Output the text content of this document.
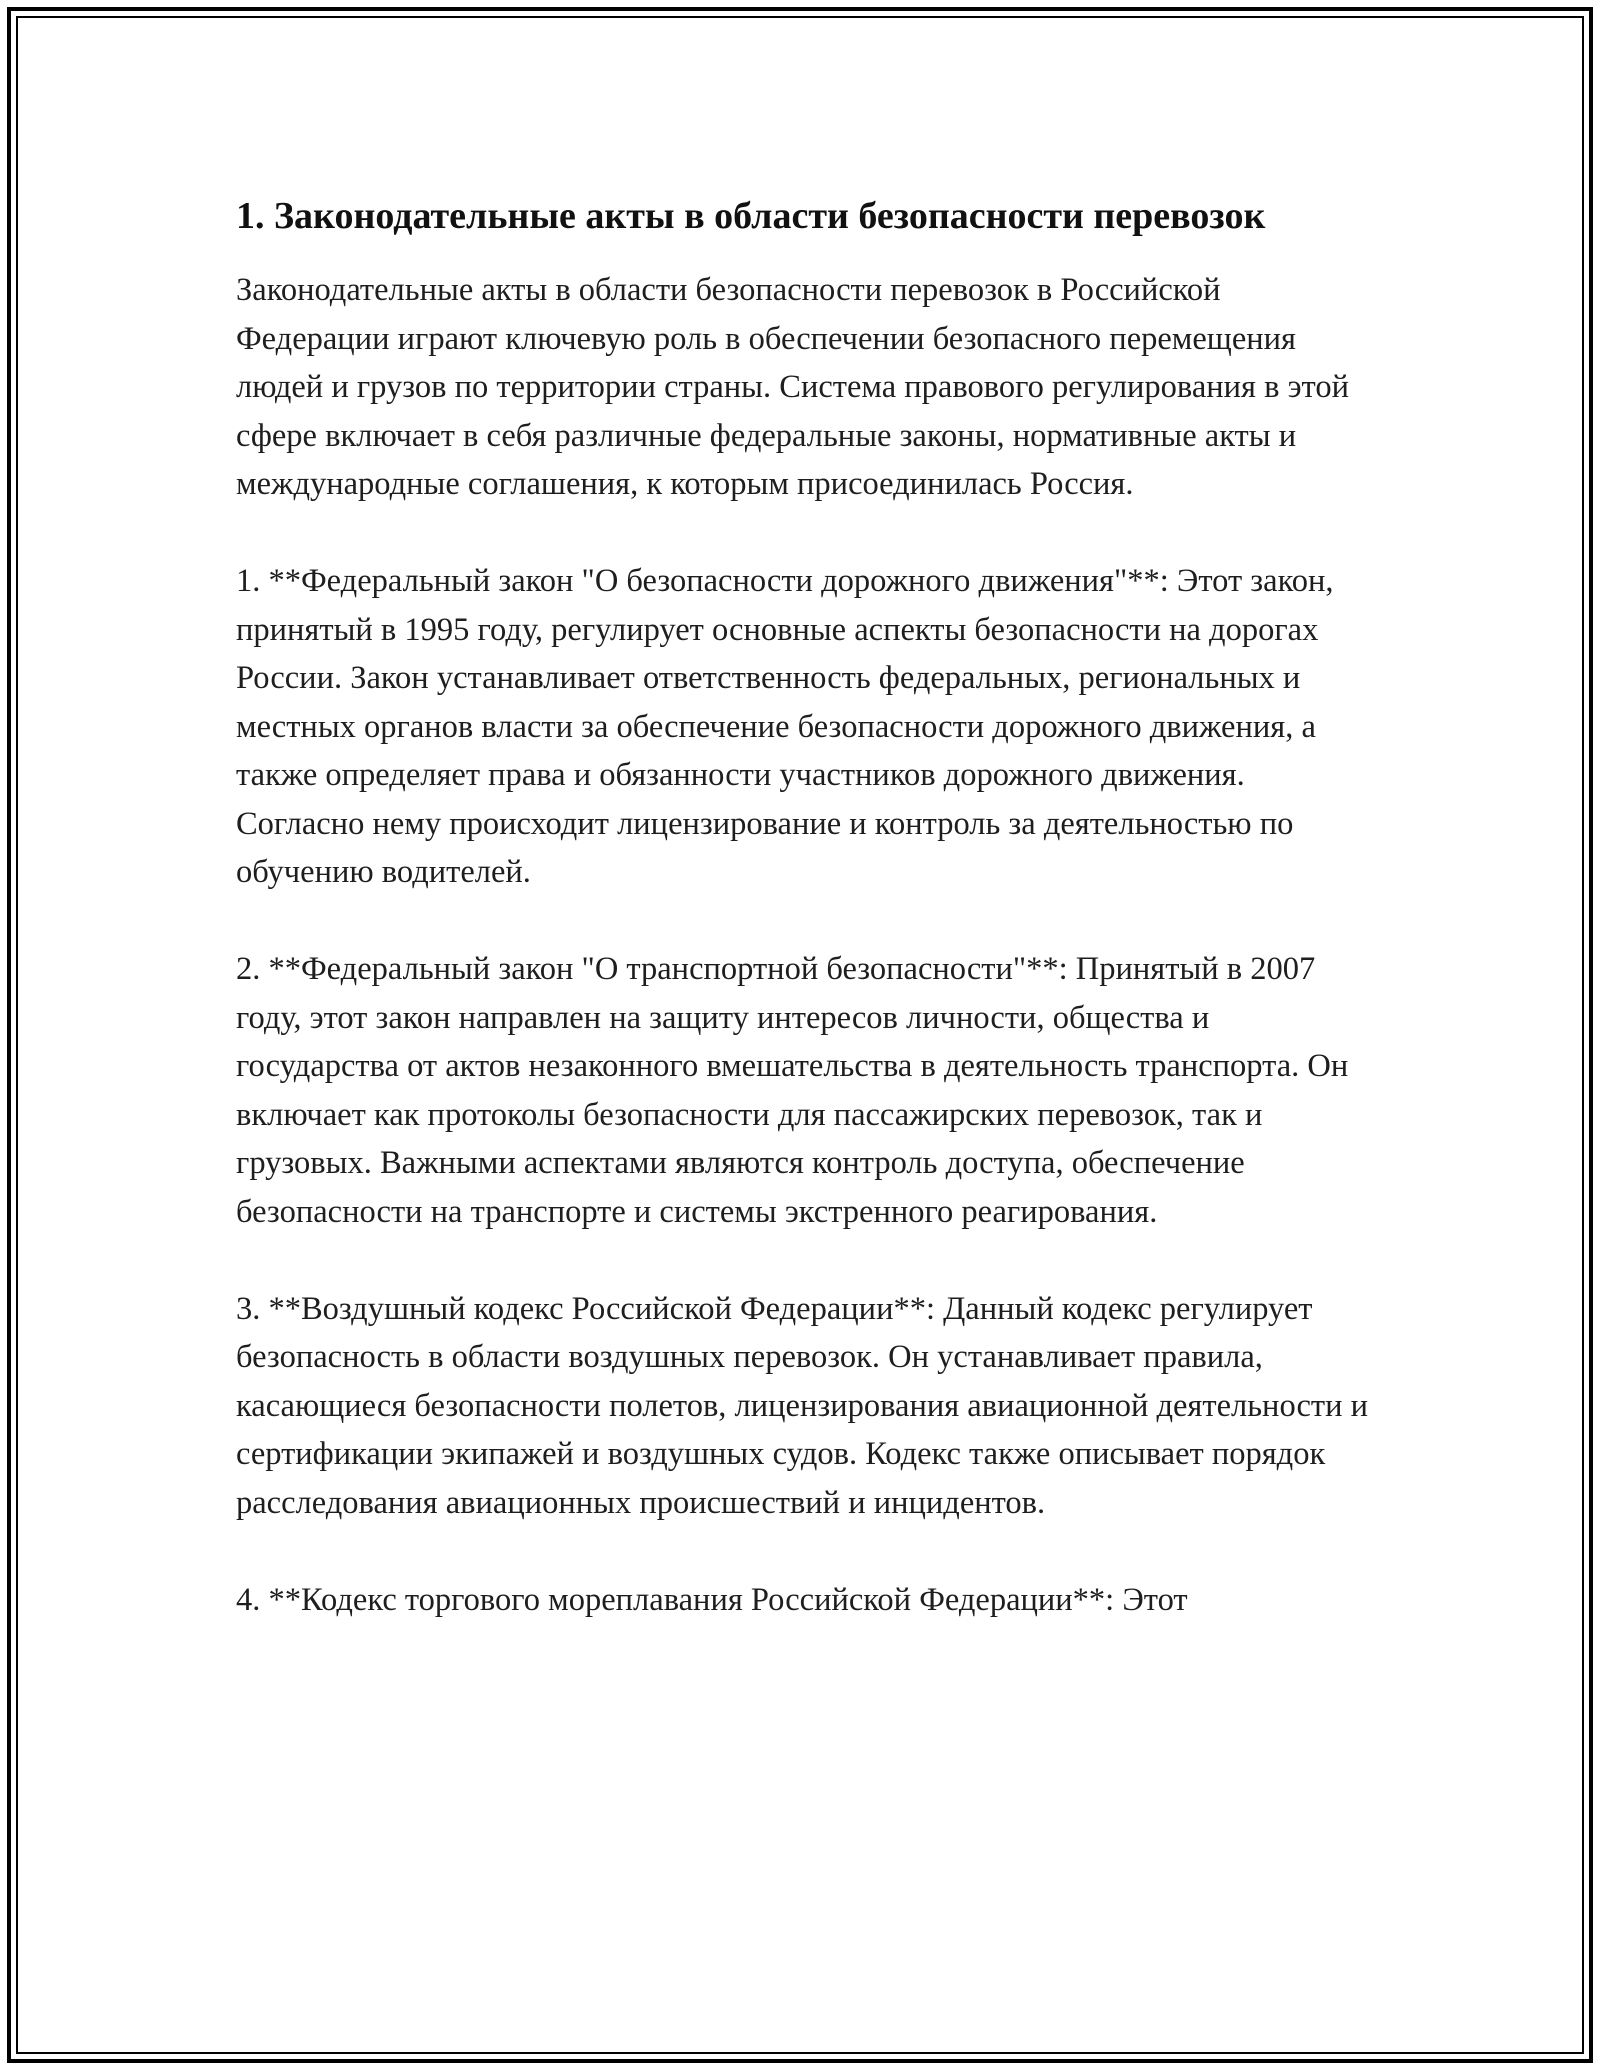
1. Законодательные акты в области безопасности перевозок

Законодательные акты в области безопасности перевозок в Российской Федерации играют ключевую роль в обеспечении безопасного перемещения людей и грузов по территории страны. Система правового регулирования в этой сфере включает в себя различные федеральные законы, нормативные акты и международные соглашения, к которым присоединилась Россия.

1. **Федеральный закон "О безопасности дорожного движения"**: Этот закон, принятый в 1995 году, регулирует основные аспекты безопасности на дорогах России. Закон устанавливает ответственность федеральных, региональных и местных органов власти за обеспечение безопасности дорожного движения, а также определяет права и обязанности участников дорожного движения. Согласно нему происходит лицензирование и контроль за деятельностью по обучению водителей.

2. **Федеральный закон "О транспортной безопасности"**: Принятый в 2007 году, этот закон направлен на защиту интересов личности, общества и государства от актов незаконного вмешательства в деятельность транспорта. Он включает как протоколы безопасности для пассажирских перевозок, так и грузовых. Важными аспектами являются контроль доступа, обеспечение безопасности на транспорте и системы экстренного реагирования.

3. **Воздушный кодекс Российской Федерации**: Данный кодекс регулирует безопасность в области воздушных перевозок. Он устанавливает правила, касающиеся безопасности полетов, лицензирования авиационной деятельности и сертификации экипажей и воздушных судов. Кодекс также описывает порядок расследования авиационных происшествий и инцидентов.

4. **Кодекс торгового мореплавания Российской Федерации**: Этот
